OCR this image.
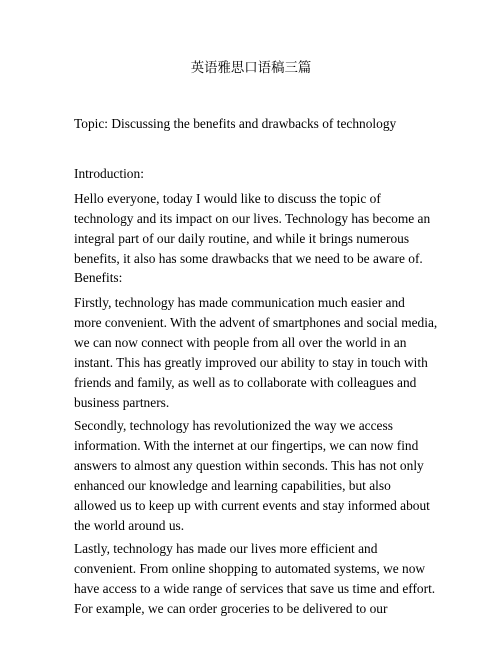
英语雅思口语稿三篇
Topic: Discussing the benefits and drawbacks of technology
Introduction:

Hello everyone, today I would like to discuss the topic of
technology and its impact on our lives. Technology has become an
integral part of our daily routine, and while it brings numerous
benefits, it also has some drawbacks that we need to be aware of.

Benefits:

Firstly, technology has made communication much easier and
more convenient. With the advent of smartphones and social media,
we can now connect with people from all over the world in an
instant. This has greatly improved our ability to stay in touch with
friends and family, as well as to collaborate with colleagues and
business partners.

Secondly, technology has revolutionized the way we access
information. With the internet at our fingertips, we can now find
answers to almost any question within seconds. This has not only
enhanced our knowledge and learning capabilities, but also
allowed us to keep up with current events and stay informed about
the world around us.

Lastly, technology has made our lives more efficient and
convenient. From online shopping to automated systems, we now
have access to a wide range of services that save us time and effort.
For example, we can order groceries to be delivered to our
